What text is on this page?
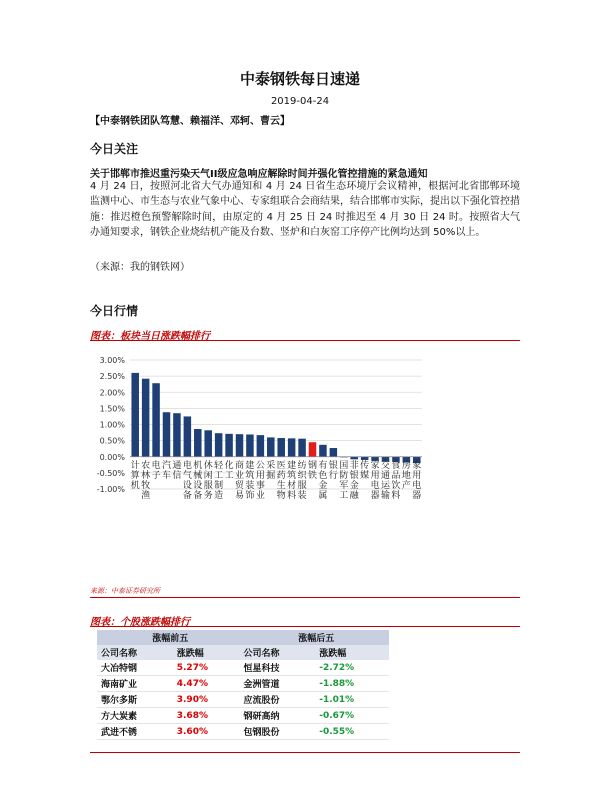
中泰钢铁每日速递
2019-04-24
【中泰钢铁团队笃慧、赖福洋、邓轲、曹云】
今日关注
关于邯郸市推迟重污染天气II级应急响应解除时间并强化管控措施的紧急通知
4 月 24 日，按照河北省大气办通知和 4 月 24 日省生态环境厅会议精神，根据河北省邯郸环境监测中心、市生态与农业气象中心、专家组联合会商结果，结合邯郸市实际，提出以下强化管控措施：推迟橙色预警解除时间，由原定的 4 月 25 日 24 时推迟至 4 月 30 日 24 时。按照省大气办通知要求，钢铁企业烧结机产能及台数、竖炉和白灰窑工序停产比例均达到 50%以上。
（来源：我的钢铁网）
今日行情
图表：板块当日涨跌幅排行
3.00%
2.50%
2.00%
1.50%
1.00%
0.50%
0.00%
-0.50%
-1.00%
计
算
机
农
林
牧
渔
电
子
汽
车
通
信
电
气
设
备
机
械
设
备
休
闲
服
务
轻
工
制
造
化
工
商
业
贸
易
建
筑
装
饰
公
用
事
业
采
掘
医
药
生
物
建
筑
材
料
纺
织
服
装
钢
铁
有
色
金
属
银
行
国
防
军
工
非
银
金
融
传
媒
家
用
电
器
交
通
运
输
食
品
饮
料
房
地
产
家
用
电
器
来源：中泰证券研究所
图表：个股涨跌幅排行
涨幅前五		涨幅后五	
公司名称	涨跌幅	公司名称	涨跌幅
大冶特钢	5.27%	恒星科技	-2.72%
海南矿业	4.47%	金洲管道	-1.88%
鄂尔多斯	3.90%	应流股份	-1.01%
方大炭素	3.68%	钢研高纳	-0.67%
武进不锈	3.60%	包钢股份	-0.55%
